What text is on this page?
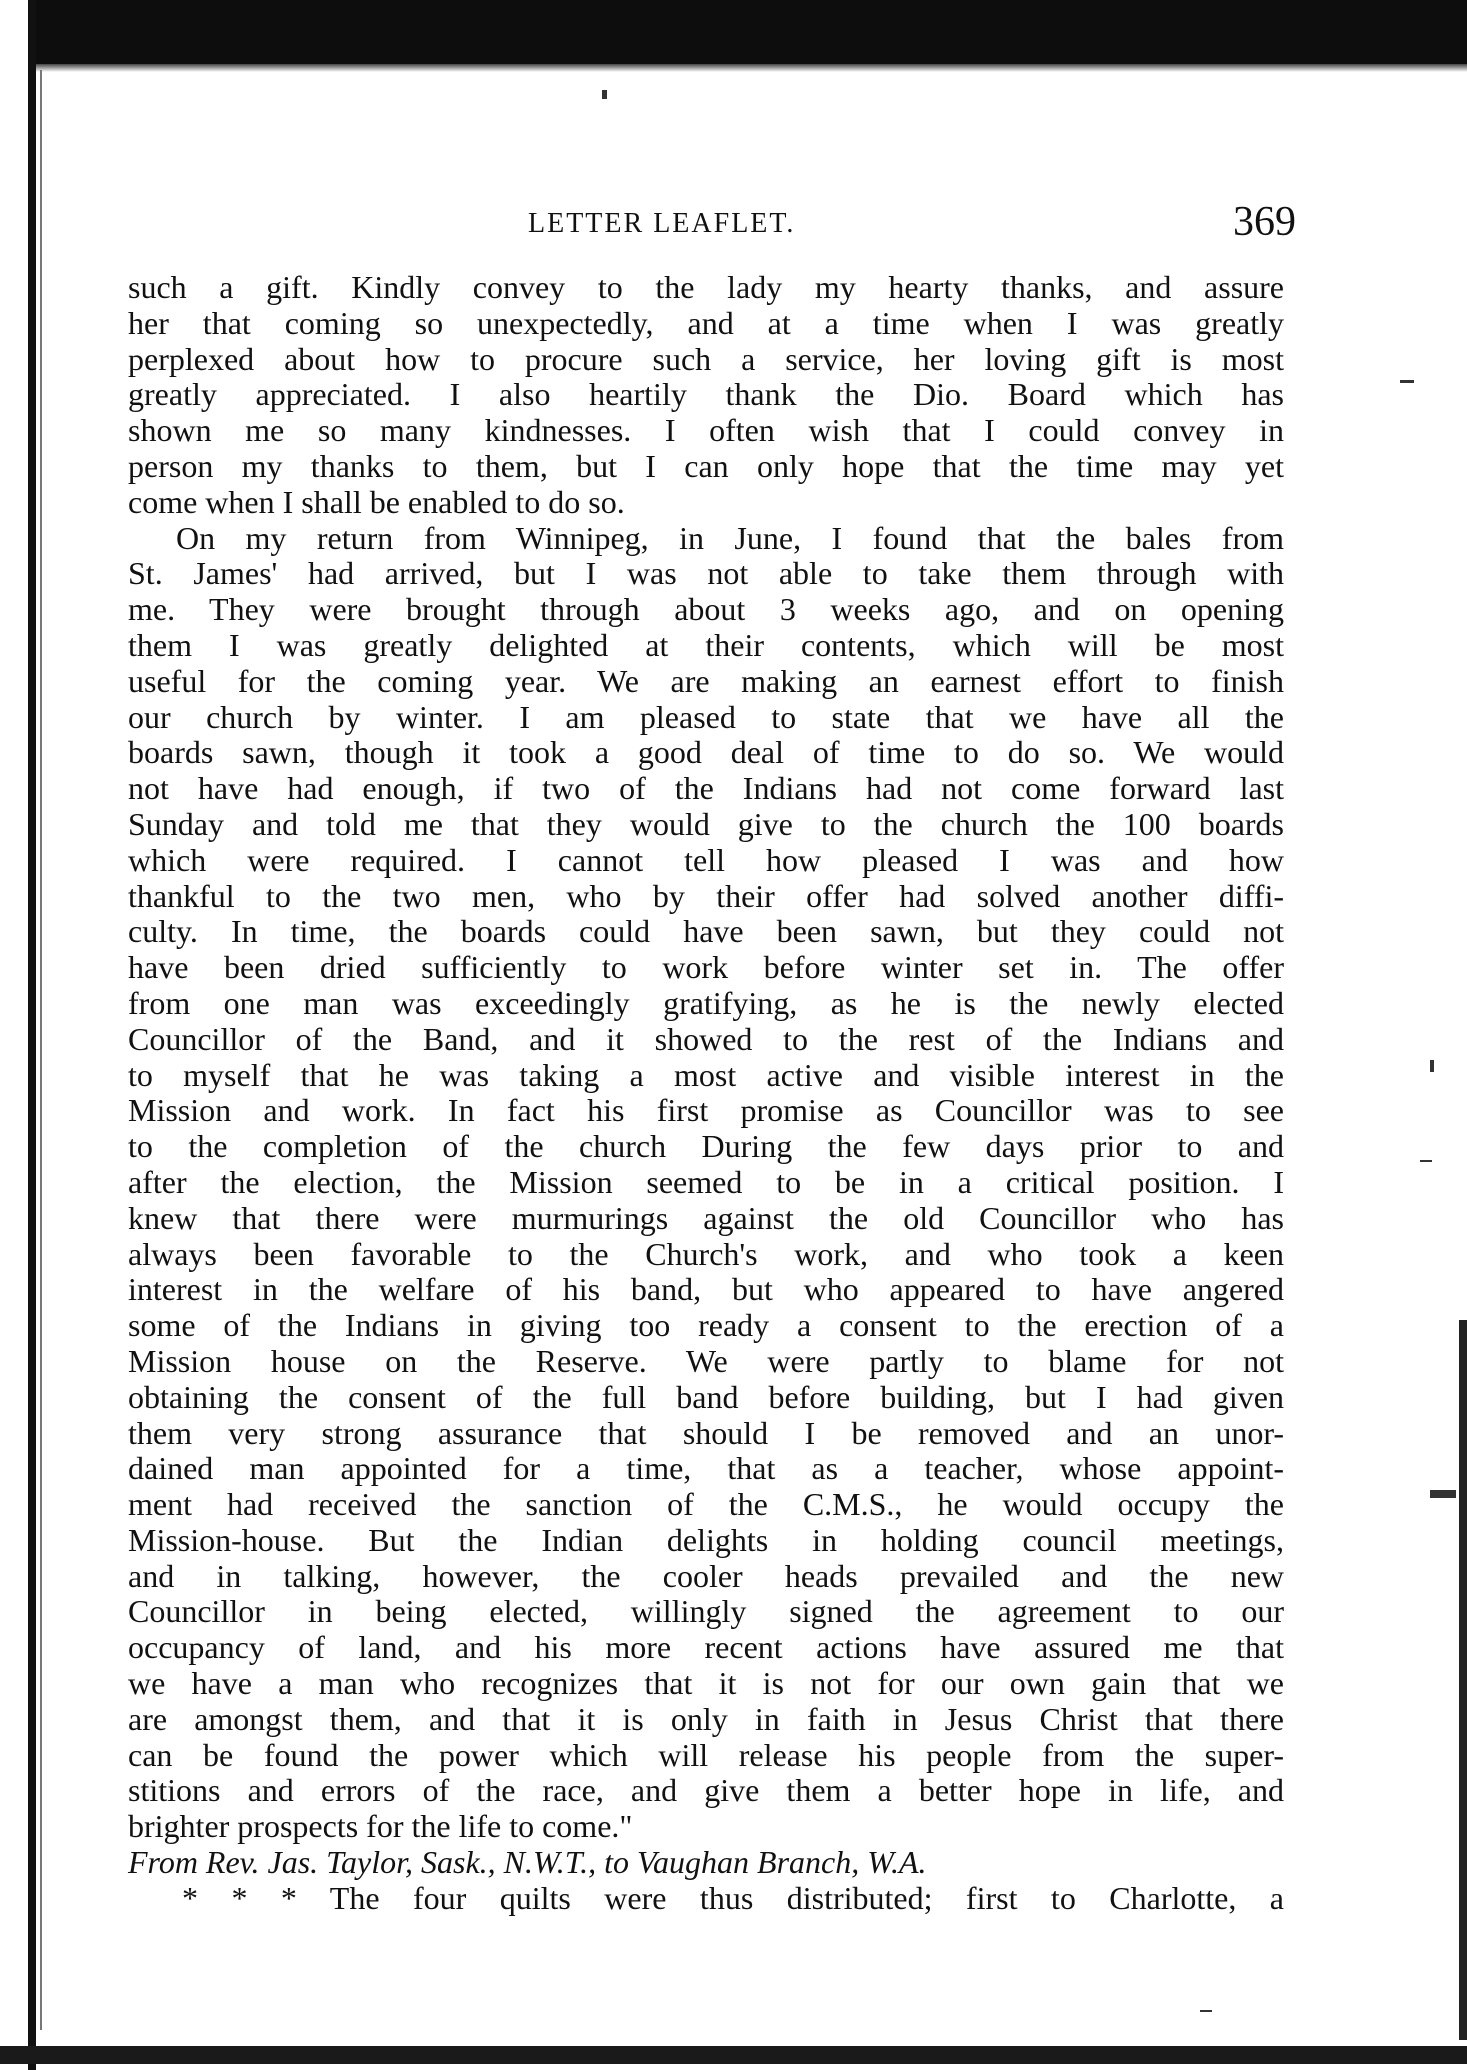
LETTER LEAFLET.	369
such a gift. Kindly convey to the lady my hearty thanks, and assure
her that coming so unexpectedly, and at a time when I was greatly
perplexed about how to procure such a service, her loving gift is most
greatly appreciated. I also heartily thank the Dio. Board which has
shown me so many kindnesses. I often wish that I could convey in
person my thanks to them, but I can only hope that the time may yet
come when I shall be enabled to do so.
On my return from Winnipeg, in June, I found that the bales from
St. James' had arrived, but I was not able to take them through with
me. They were brought through about 3 weeks ago, and on opening
them I was greatly delighted at their contents, which will be most
useful for the coming year. We are making an earnest effort to finish
our church by winter. I am pleased to state that we have all the
boards sawn, though it took a good deal of time to do so. We would
not have had enough, if two of the Indians had not come forward last
Sunday and told me that they would give to the church the 100 boards
which were required. I cannot tell how pleased I was and how
thankful to the two men, who by their offer had solved another diffi-
culty. In time, the boards could have been sawn, but they could not
have been dried sufficiently to work before winter set in. The offer
from one man was exceedingly gratifying, as he is the newly elected
Councillor of the Band, and it showed to the rest of the Indians and
to myself that he was taking a most active and visible interest in the
Mission and work. In fact his first promise as Councillor was to see
to the completion of the church During the few days prior to and
after the election, the Mission seemed to be in a critical position. I
knew that there were murmurings against the old Councillor who has
always been favorable to the Church's work, and who took a keen
interest in the welfare of his band, but who appeared to have angered
some of the Indians in giving too ready a consent to the erection of a
Mission house on the Reserve. We were partly to blame for not
obtaining the consent of the full band before building, but I had given
them very strong assurance that should I be removed and an unor-
dained man appointed for a time, that as a teacher, whose appoint-
ment had received the sanction of the C.M.S., he would occupy the
Mission-house. But the Indian delights in holding council meetings,
and in talking, however, the cooler heads prevailed and the new
Councillor in being elected, willingly signed the agreement to our
occupancy of land, and his more recent actions have assured me that
we have a man who recognizes that it is not for our own gain that we
are amongst them, and that it is only in faith in Jesus Christ that there
can be found the power which will release his people from the super-
stitions and errors of the race, and give them a better hope in life, and
brighter prospects for the life to come."
From Rev. Jas. Taylor, Sask., N.W.T., to Vaughan Branch, W.A.
* * * The four quilts were thus distributed; first to Charlotte, a
